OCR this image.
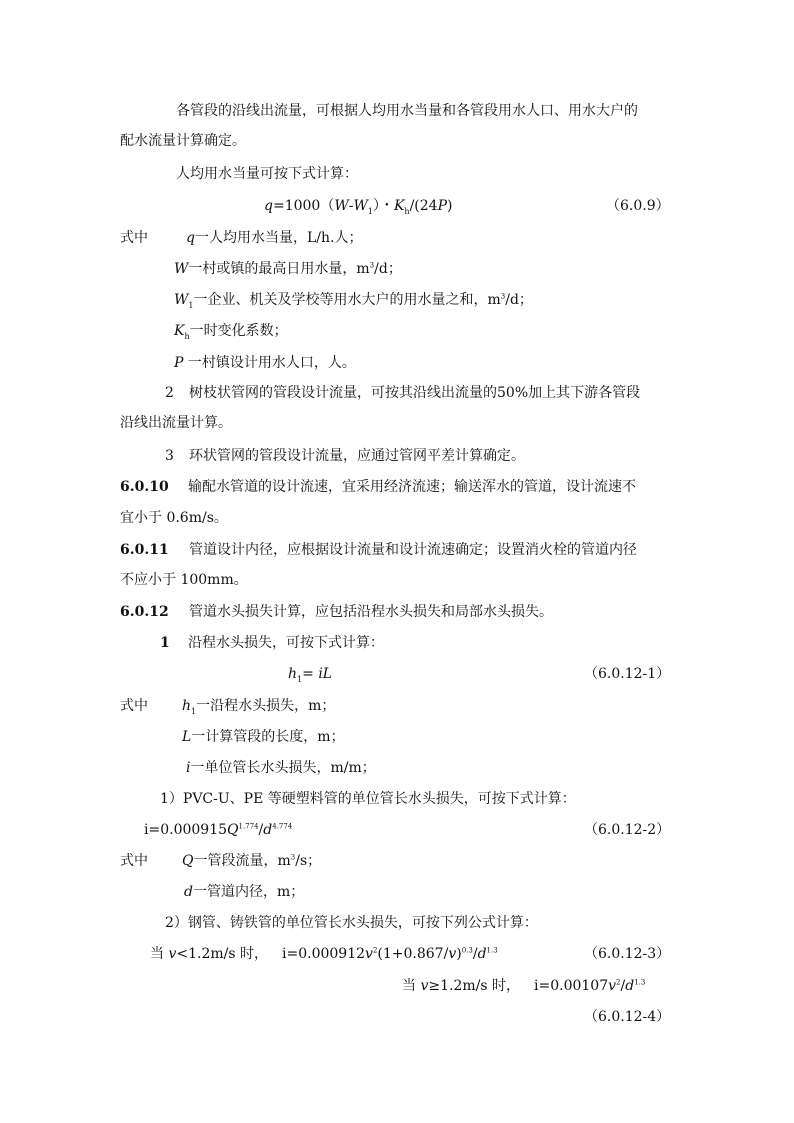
各管段的沿线出流量，可根据人均用水当量和各管段用水人口、用水大户的
配水流量计算确定。
人均用水当量可按下式计算：
$q=1000(W-W_1)$・$K_h/(24P)$	（6.0.9）
式中	q一人均用水当量，L/h.人；
W一村或镇的最高日用水量，$m^3/d$；
$W_1$一企业、机关及学校等用水大户的用水量之和，$m^3/d$；
$K_h$一时变化系数；
P 一村镇设计用水人口，人。
2 树枝状管网的管段设计流量，可按其沿线出流量的50%加上其下游各管段
沿线出流量计算。
3 环状管网的管段设计流量，应通过管网平差计算确定。
6.0.10 输配水管道的设计流速，宜采用经济流速；输送浑水的管道，设计流速不
宜小于 0.6m/s。
6.0.11 管道设计内径，应根据设计流量和设计流速确定；设置消火栓的管道内径
不应小于 100mm。
6.0.12 管道水头损失计算，应包括沿程水头损失和局部水头损失。
1 沿程水头损失，可按下式计算：
$h_1=$ iL	（6.0.12-1）
式中 $h_1$一沿程水头损失，m；
L一计算管段的长度，m；
i一单位管长水头损失，m/m；
1）PVC-U、PE 等硬塑料管的单位管长水头损失，可按下式计算：
$i=0.000915Q^{1.774}/d^{4.774}$	（6.0.12-2）
式中 Q一管段流量，$m^3/s$；
d一管道内径，m；
2）钢管、铸铁管的单位管长水头损失，可按下列公式计算：
当 v<1.2m/s 时， $i=0.000912v^2(1+0.867/v)^{0.3}/d^{1.3}$	（6.0.12-3）
当 v≥1.2m/s 时， $i=0.00107v^2/d^{1.3}$
（6.0.12-4）
